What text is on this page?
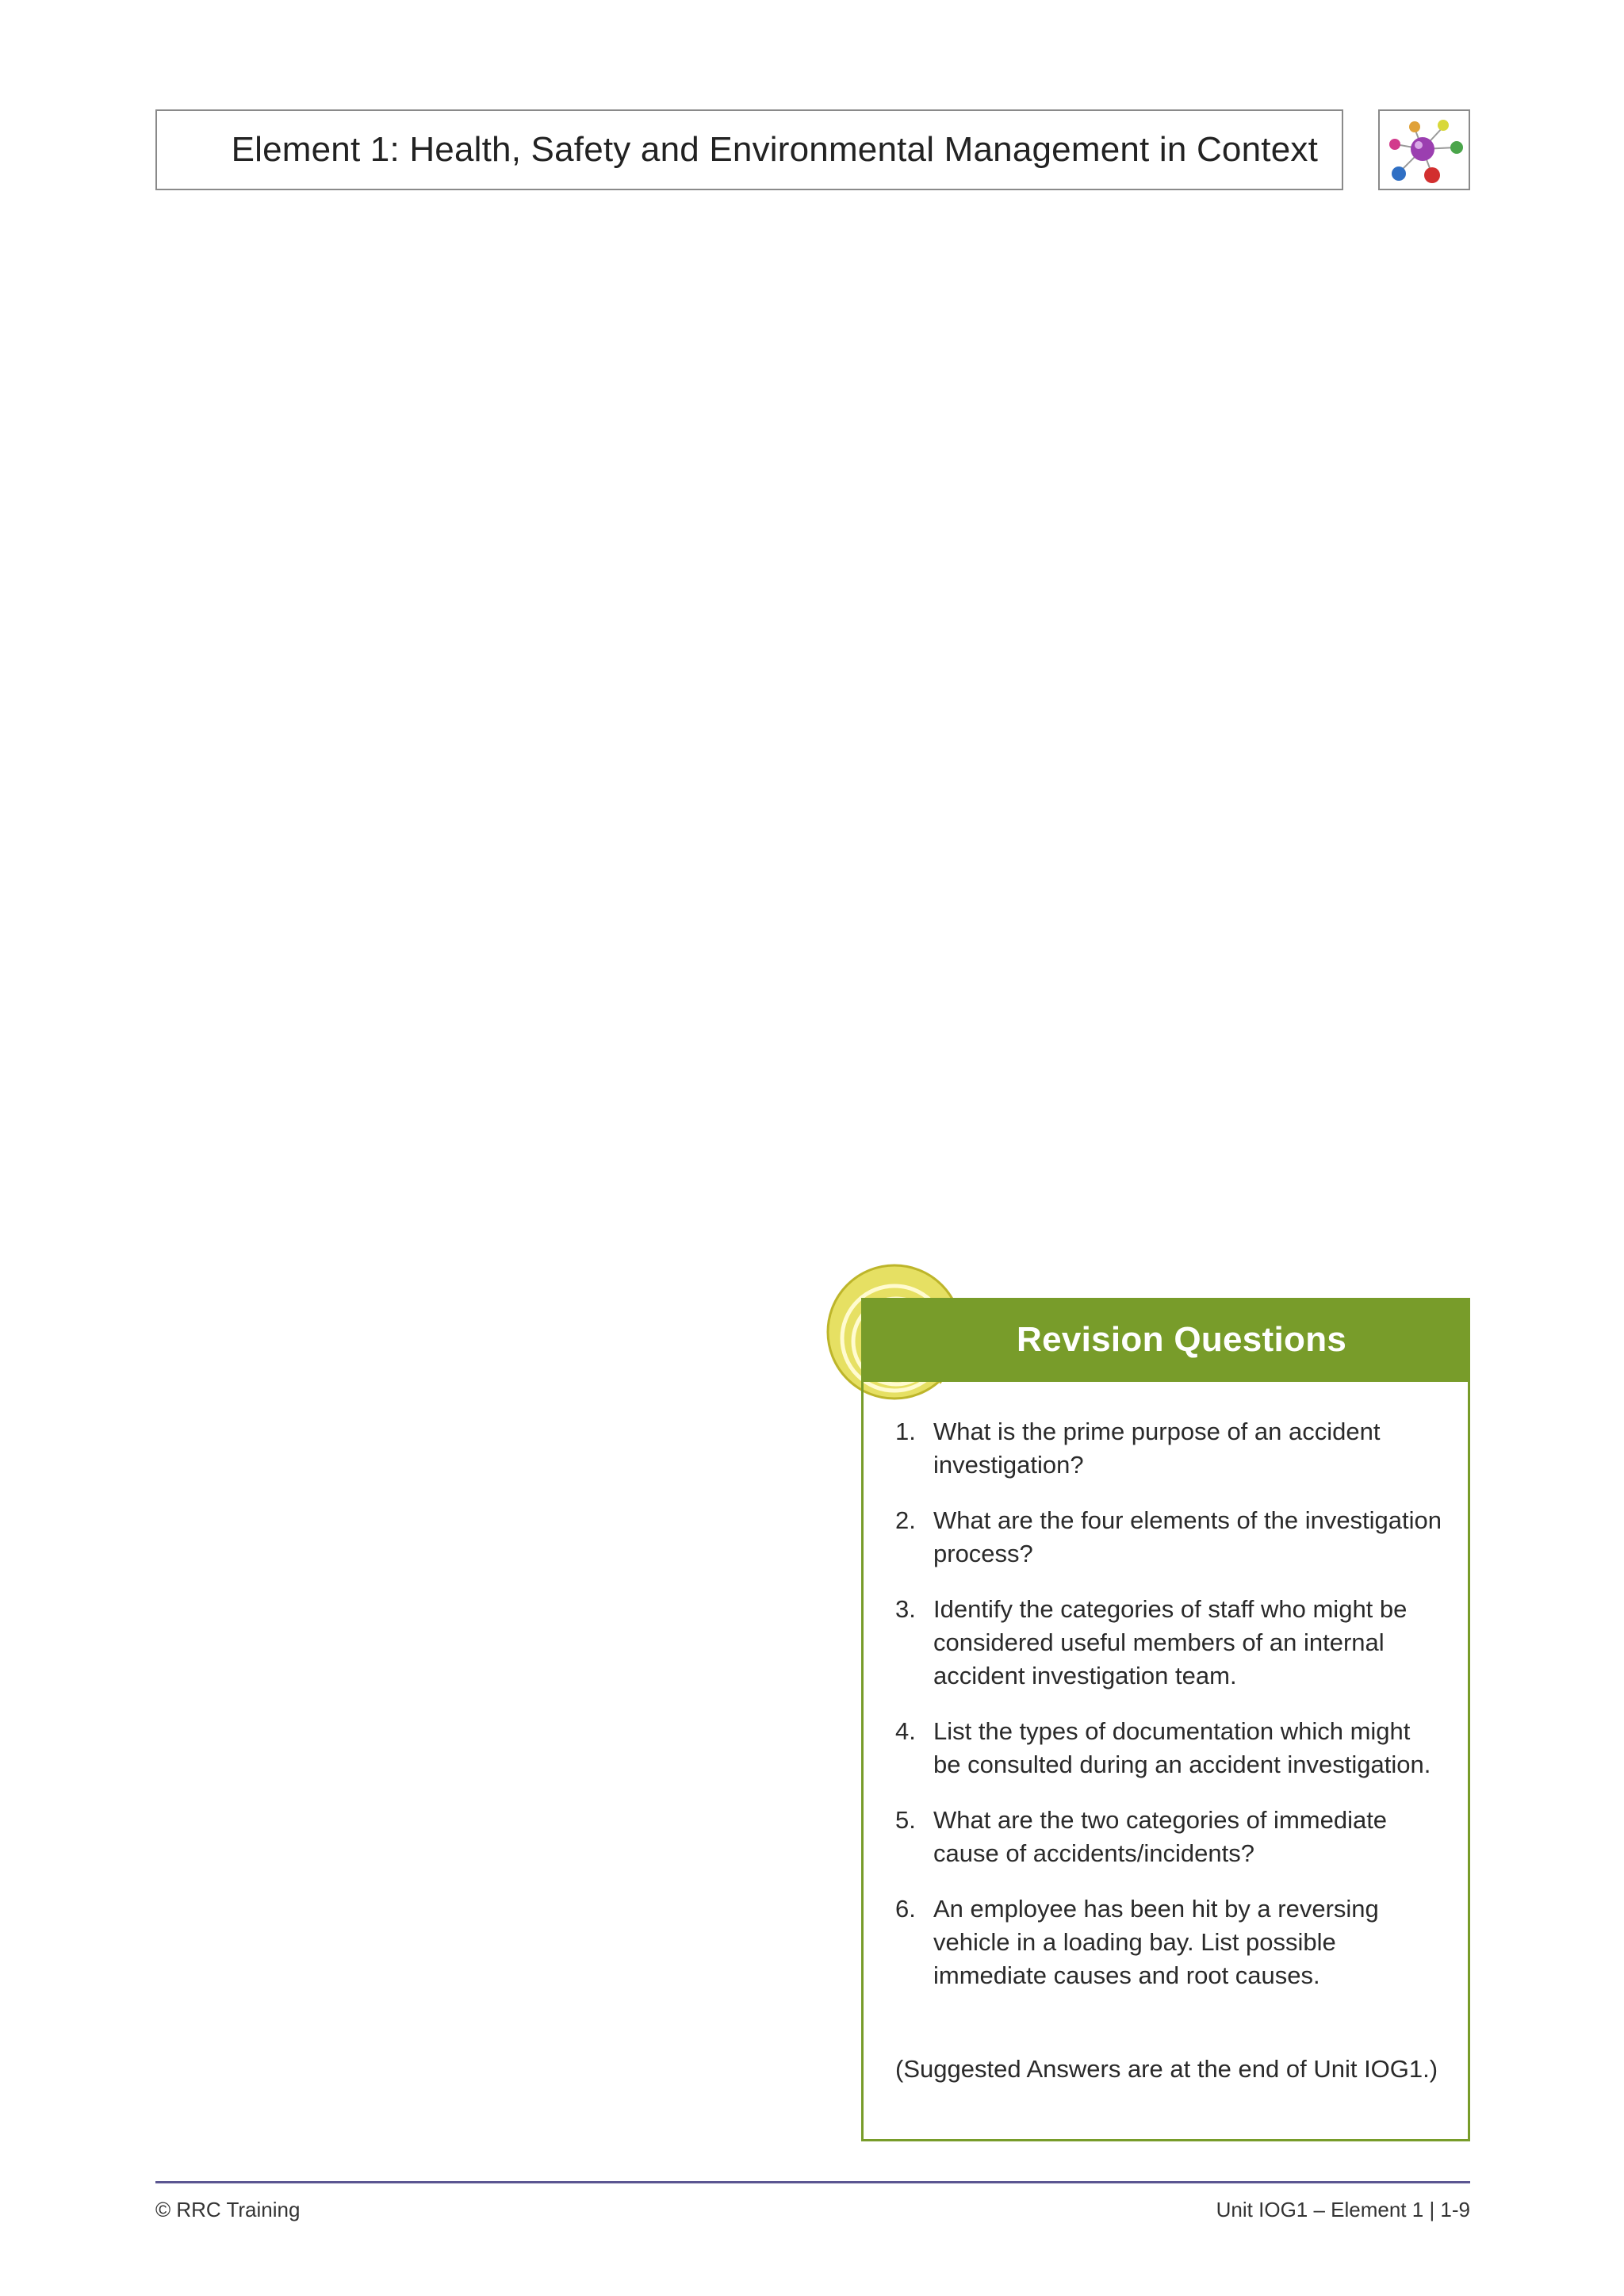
Element 1: Health, Safety and Environmental Management in Context
Revision Questions
1. What is the prime purpose of an accident investigation?
2. What are the four elements of the investigation process?
3. Identify the categories of staff who might be considered useful members of an internal accident investigation team.
4. List the types of documentation which might be consulted during an accident investigation.
5. What are the two categories of immediate cause of accidents/incidents?
6. An employee has been hit by a reversing vehicle in a loading bay. List possible immediate causes and root causes.
(Suggested Answers are at the end of Unit IOG1.)
© RRC Training	Unit IOG1 – Element 1 | 1-9
